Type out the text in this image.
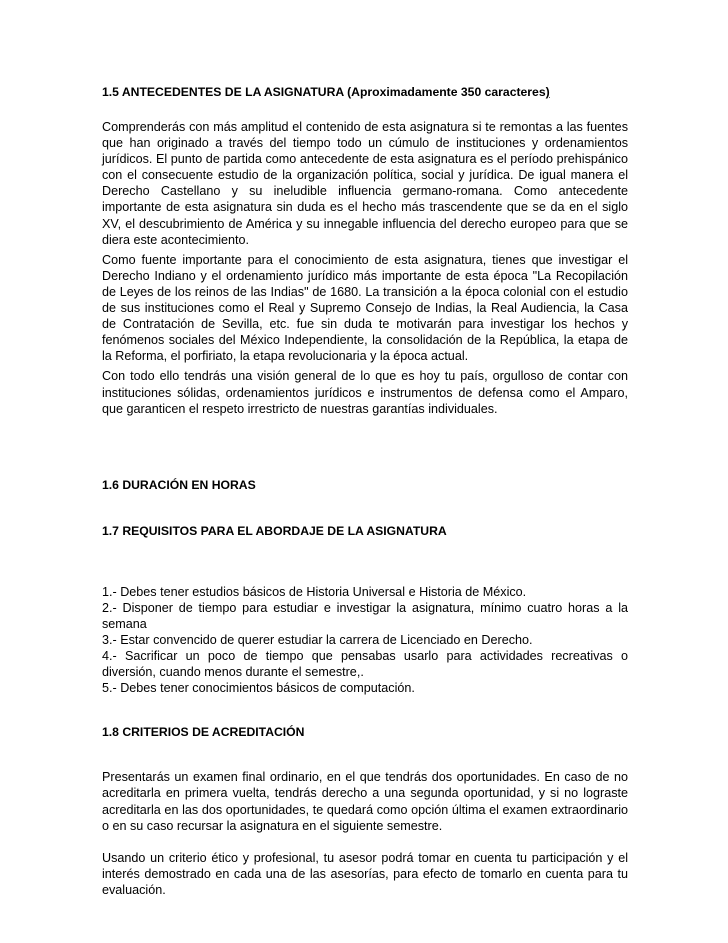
1.5 ANTECEDENTES DE LA ASIGNATURA (Aproximadamente 350 caracteres)

Comprenderás con más amplitud el contenido de esta asignatura si te remontas a las fuentes que han originado a través del tiempo todo un cúmulo de instituciones y ordenamientos jurídicos. El punto de partida como antecedente de esta asignatura es el período prehispánico con el consecuente estudio de la organización política, social y jurídica. De igual manera el Derecho Castellano y su ineludible influencia germano-romana. Como antecedente importante de esta asignatura sin duda es el hecho más trascendente que se da en el siglo XV, el descubrimiento de América y su innegable influencia del derecho europeo para que se diera este acontecimiento.

Como fuente importante para el conocimiento de esta asignatura, tienes que investigar el Derecho Indiano y el ordenamiento jurídico más importante de esta época "La Recopilación de Leyes de los reinos de las Indias" de 1680. La transición a la época colonial con el estudio de sus instituciones como el Real y Supremo Consejo de Indias, la Real Audiencia, la Casa de Contratación de Sevilla, etc. fue sin duda te motivarán para investigar los hechos y fenómenos sociales del México Independiente, la consolidación de la República, la etapa de la Reforma, el porfiriato, la etapa revolucionaria y la época actual.

Con todo ello tendrás una visión general de lo que es hoy tu país, orgulloso de contar con instituciones sólidas, ordenamientos jurídicos e instrumentos de defensa como el Amparo, que garanticen el respeto irrestricto de nuestras garantías individuales.

1.6 DURACIÓN EN HORAS

1.7 REQUISITOS PARA EL ABORDAJE DE LA ASIGNATURA

1.- Debes tener estudios básicos de Historia Universal e Historia de México.

2.- Disponer de tiempo para estudiar e investigar la asignatura, mínimo cuatro horas a la semana

3.- Estar convencido de querer estudiar la carrera de Licenciado en Derecho.

4.- Sacrificar un poco de tiempo que pensabas usarlo para actividades recreativas o diversión, cuando menos durante el semestre,.

5.- Debes tener conocimientos básicos de computación.

1.8 CRITERIOS DE ACREDITACIÓN

Presentarás un examen final ordinario, en el que tendrás dos oportunidades. En caso de no acreditarla en primera vuelta, tendrás derecho a una segunda oportunidad, y si no lograste acreditarla en las dos oportunidades, te quedará como opción última el examen extraordinario o en su caso recursar la asignatura en el siguiente semestre.

Usando un criterio ético y profesional, tu asesor podrá tomar en cuenta tu participación y el interés demostrado en cada una de las asesorías, para efecto de tomarlo en cuenta para tu evaluación.
